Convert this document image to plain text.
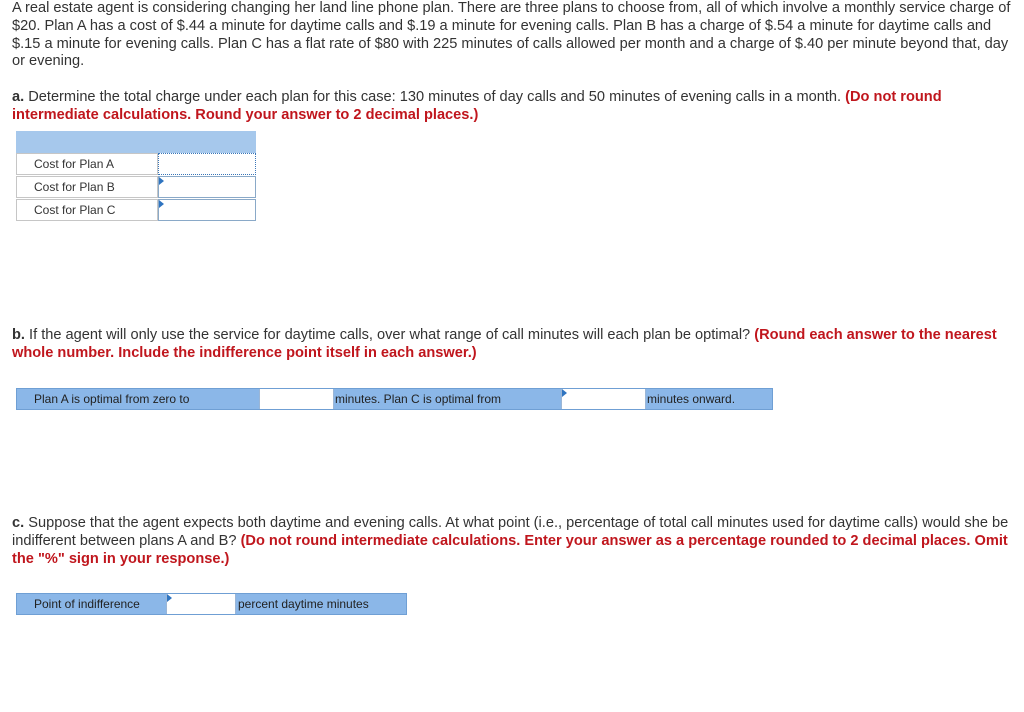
A real estate agent is considering changing her land line phone plan. There are three plans to choose from, all of which involve a monthly service charge of $20. Plan A has a cost of $.44 a minute for daytime calls and $.19 a minute for evening calls. Plan B has a charge of $.54 a minute for daytime calls and $.15 a minute for evening calls. Plan C has a flat rate of $80 with 225 minutes of calls allowed per month and a charge of $.40 per minute beyond that, day or evening.

a. Determine the total charge under each plan for this case: 130 minutes of day calls and 50 minutes of evening calls in a month. (Do not round intermediate calculations. Round your answer to 2 decimal places.)

Cost for Plan A
Cost for Plan B
Cost for Plan C

b. If the agent will only use the service for daytime calls, over what range of call minutes will each plan be optimal? (Round each answer to the nearest whole number. Include the indifference point itself in each answer.)

Plan A is optimal from zero to	minutes. Plan C is optimal from	minutes onward.

c. Suppose that the agent expects both daytime and evening calls. At what point (i.e., percentage of total call minutes used for daytime calls) would she be indifferent between plans A and B? (Do not round intermediate calculations. Enter your answer as a percentage rounded to 2 decimal places. Omit the "%" sign in your response.)

Point of indifference	percent daytime minutes
